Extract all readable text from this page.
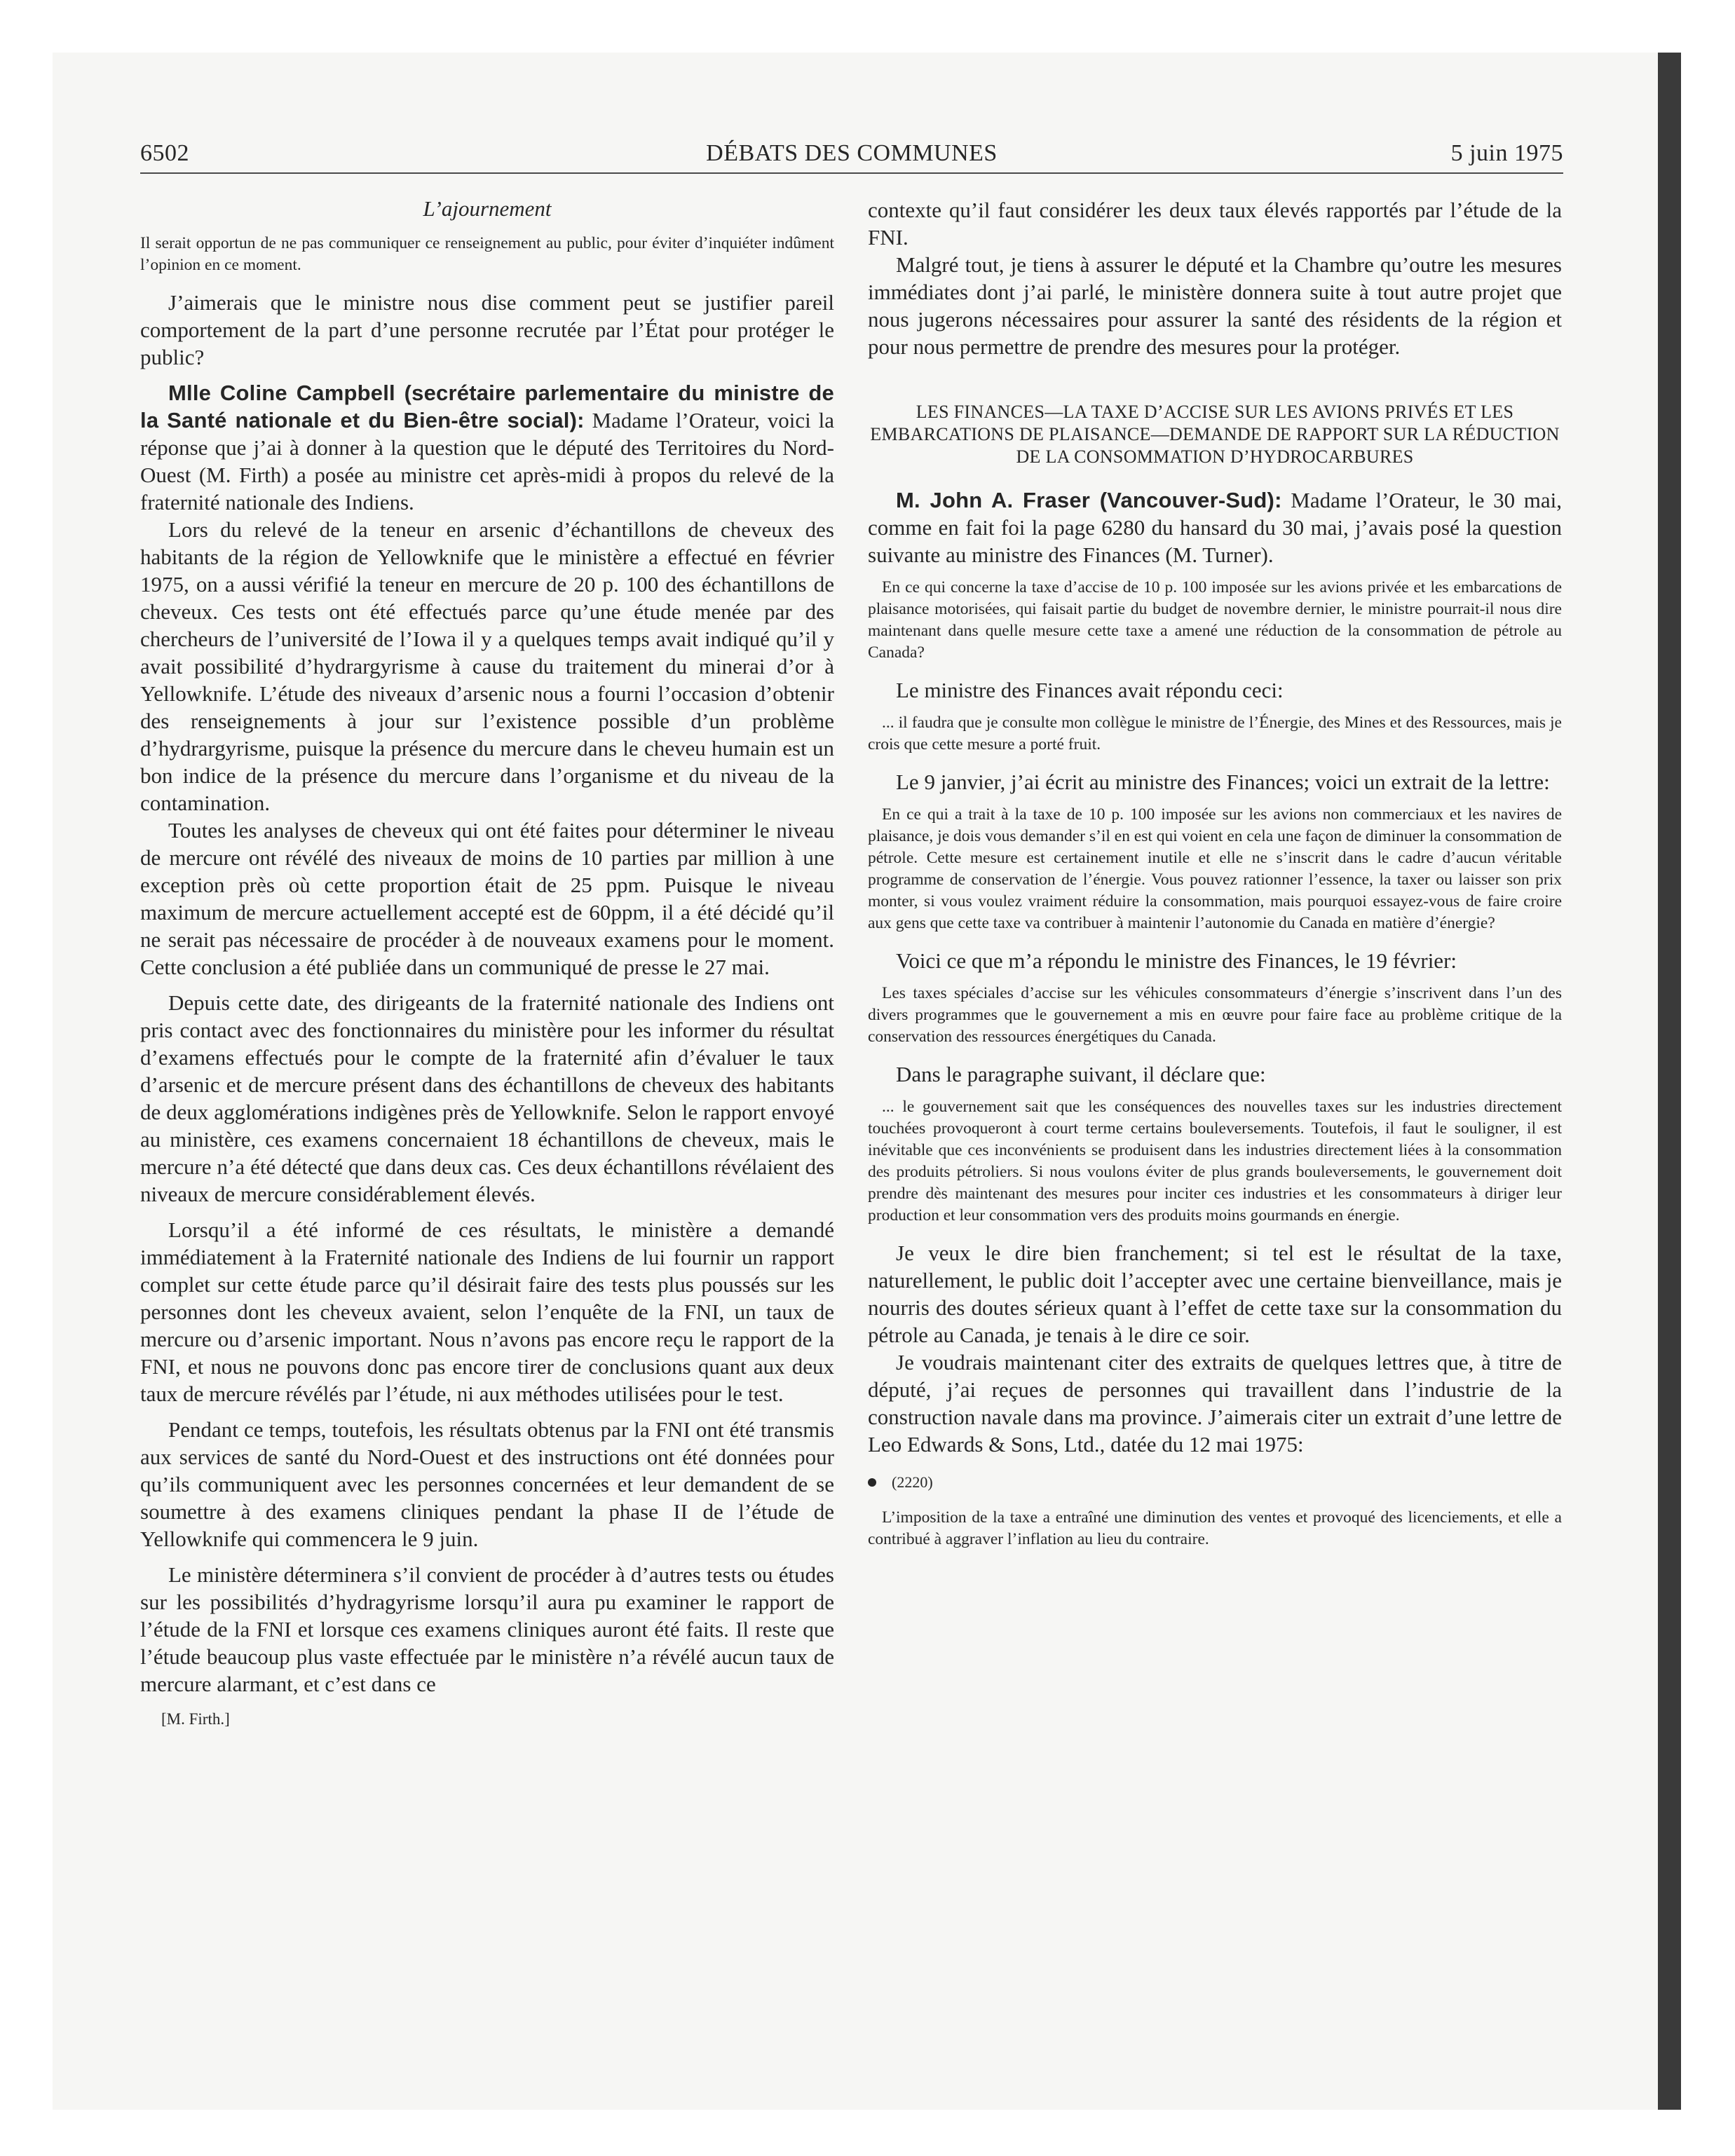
6502	DÉBATS DES COMMUNES	5 juin 1975

L’ajournement

Il serait opportun de ne pas communiquer ce renseignement au public, pour éviter d’inquiéter indûment l’opinion en ce moment.

J’aimerais que le ministre nous dise comment peut se justifier pareil comportement de la part d’une personne recrutée par l’État pour protéger le public?

Mlle Coline Campbell (secrétaire parlementaire du ministre de la Santé nationale et du Bien-être social): Madame l’Orateur, voici la réponse que j’ai à donner à la question que le député des Territoires du Nord-Ouest (M. Firth) a posée au ministre cet après-midi à propos du relevé de la fraternité nationale des Indiens.

Lors du relevé de la teneur en arsenic d’échantillons de cheveux des habitants de la région de Yellowknife que le ministère a effectué en février 1975, on a aussi vérifié la teneur en mercure de 20 p. 100 des échantillons de cheveux. Ces tests ont été effectués parce qu’une étude menée par des chercheurs de l’université de l’Iowa il y a quelques temps avait indiqué qu’il y avait possibilité d’hydrargyrisme à cause du traitement du minerai d’or à Yellowknife. L’étude des niveaux d’arsenic nous a fourni l’occasion d’obtenir des renseignements à jour sur l’existence possible d’un problème d’hydrargyrisme, puisque la présence du mercure dans le cheveu humain est un bon indice de la présence du mercure dans l’organisme et du niveau de la contamination.

Toutes les analyses de cheveux qui ont été faites pour déterminer le niveau de mercure ont révélé des niveaux de moins de 10 parties par million à une exception près où cette proportion était de 25 ppm. Puisque le niveau maximum de mercure actuellement accepté est de 60ppm, il a été décidé qu’il ne serait pas nécessaire de procéder à de nouveaux examens pour le moment. Cette conclusion a été publiée dans un communiqué de presse le 27 mai.

Depuis cette date, des dirigeants de la fraternité nationale des Indiens ont pris contact avec des fonctionnaires du ministère pour les informer du résultat d’examens effectués pour le compte de la fraternité afin d’évaluer le taux d’arsenic et de mercure présent dans des échantillons de cheveux des habitants de deux agglomérations indigènes près de Yellowknife. Selon le rapport envoyé au ministère, ces examens concernaient 18 échantillons de cheveux, mais le mercure n’a été détecté que dans deux cas. Ces deux échantillons révélaient des niveaux de mercure considérablement élevés.

Lorsqu’il a été informé de ces résultats, le ministère a demandé immédiatement à la Fraternité nationale des Indiens de lui fournir un rapport complet sur cette étude parce qu’il désirait faire des tests plus poussés sur les personnes dont les cheveux avaient, selon l’enquête de la FNI, un taux de mercure ou d’arsenic important. Nous n’avons pas encore reçu le rapport de la FNI, et nous ne pouvons donc pas encore tirer de conclusions quant aux deux taux de mercure révélés par l’étude, ni aux méthodes utilisées pour le test.

Pendant ce temps, toutefois, les résultats obtenus par la FNI ont été transmis aux services de santé du Nord-Ouest et des instructions ont été données pour qu’ils communiquent avec les personnes concernées et leur demandent de se soumettre à des examens cliniques pendant la phase II de l’étude de Yellowknife qui commencera le 9 juin.

Le ministère déterminera s’il convient de procéder à d’autres tests ou études sur les possibilités d’hydragyrisme lorsqu’il aura pu examiner le rapport de l’étude de la FNI et lorsque ces examens cliniques auront été faits. Il reste que l’étude beaucoup plus vaste effectuée par le ministère n’a révélé aucun taux de mercure alarmant, et c’est dans ce

[M. Firth.]

contexte qu’il faut considérer les deux taux élevés rapportés par l’étude de la FNI.

Malgré tout, je tiens à assurer le député et la Chambre qu’outre les mesures immédiates dont j’ai parlé, le ministère donnera suite à tout autre projet que nous jugerons nécessaires pour assurer la santé des résidents de la région et pour nous permettre de prendre des mesures pour la protéger.

LES FINANCES—LA TAXE D’ACCISE SUR LES AVIONS PRIVÉS ET LES EMBARCATIONS DE PLAISANCE—DEMANDE DE RAPPORT SUR LA RÉDUCTION DE LA CONSOMMATION D’HYDROCARBURES

M. John A. Fraser (Vancouver-Sud): Madame l’Orateur, le 30 mai, comme en fait foi la page 6280 du hansard du 30 mai, j’avais posé la question suivante au ministre des Finances (M. Turner).

En ce qui concerne la taxe d’accise de 10 p. 100 imposée sur les avions privée et les embarcations de plaisance motorisées, qui faisait partie du budget de novembre dernier, le ministre pourrait-il nous dire maintenant dans quelle mesure cette taxe a amené une réduction de la consommation de pétrole au Canada?

Le ministre des Finances avait répondu ceci:

... il faudra que je consulte mon collègue le ministre de l’Énergie, des Mines et des Ressources, mais je crois que cette mesure a porté fruit.

Le 9 janvier, j’ai écrit au ministre des Finances; voici un extrait de la lettre:

En ce qui a trait à la taxe de 10 p. 100 imposée sur les avions non commerciaux et les navires de plaisance, je dois vous demander s’il en est qui voient en cela une façon de diminuer la consommation de pétrole. Cette mesure est certainement inutile et elle ne s’inscrit dans le cadre d’aucun véritable programme de conservation de l’énergie. Vous pouvez rationner l’essence, la taxer ou laisser son prix monter, si vous voulez vraiment réduire la consommation, mais pourquoi essayez-vous de faire croire aux gens que cette taxe va contribuer à maintenir l’autonomie du Canada en matière d’énergie?

Voici ce que m’a répondu le ministre des Finances, le 19 février:

Les taxes spéciales d’accise sur les véhicules consommateurs d’énergie s’inscrivent dans l’un des divers programmes que le gouvernement a mis en œuvre pour faire face au problème critique de la conservation des ressources énergétiques du Canada.

Dans le paragraphe suivant, il déclare que:

... le gouvernement sait que les conséquences des nouvelles taxes sur les industries directement touchées provoqueront à court terme certains bouleversements. Toutefois, il faut le souligner, il est inévitable que ces inconvénients se produisent dans les industries directement liées à la consommation des produits pétroliers. Si nous voulons éviter de plus grands bouleversements, le gouvernement doit prendre dès maintenant des mesures pour inciter ces industries et les consommateurs à diriger leur production et leur consommation vers des produits moins gourmands en énergie.

Je veux le dire bien franchement; si tel est le résultat de la taxe, naturellement, le public doit l’accepter avec une certaine bienveillance, mais je nourris des doutes sérieux quant à l’effet de cette taxe sur la consommation du pétrole au Canada, je tenais à le dire ce soir.

Je voudrais maintenant citer des extraits de quelques lettres que, à titre de député, j’ai reçues de personnes qui travaillent dans l’industrie de la construction navale dans ma province. J’aimerais citer un extrait d’une lettre de Leo Edwards & Sons, Ltd., datée du 12 mai 1975:

(2220)

L’imposition de la taxe a entraîné une diminution des ventes et provoqué des licenciements, et elle a contribué à aggraver l’inflation au lieu du contraire.
